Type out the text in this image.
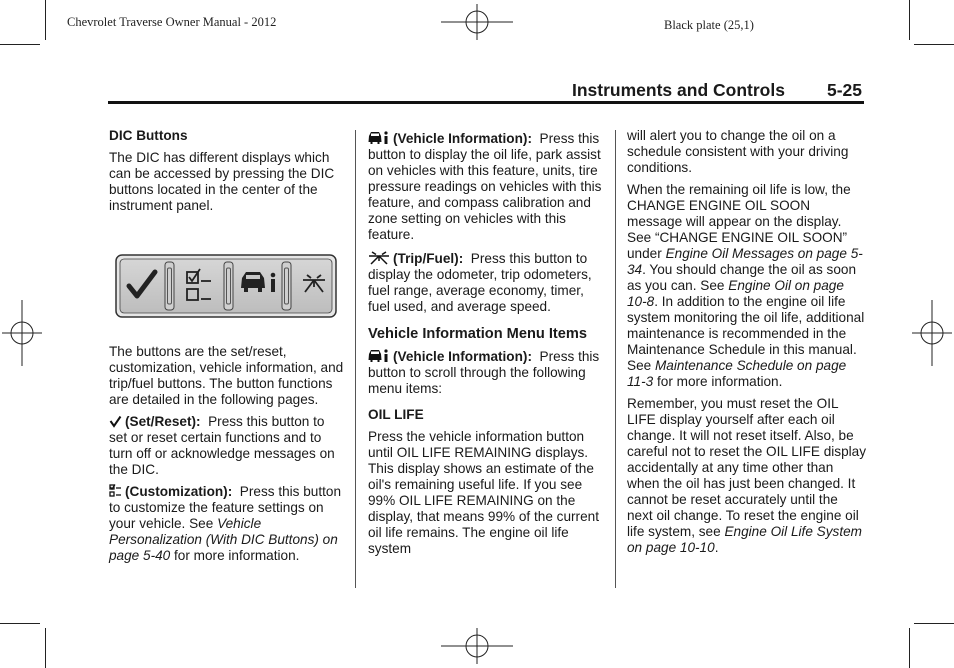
Chevrolet Traverse Owner Manual - 2012	Black plate (25,1)
Instruments and Controls 5-25
DIC Buttons

The DIC has different displays which can be accessed by pressing the DIC buttons located in the center of the instrument panel.

The buttons are the set/reset, customization, vehicle information, and trip/fuel buttons. The button functions are detailed in the following pages.

(Set/Reset): Press this button to set or reset certain functions and to turn off or acknowledge messages on the DIC.

(Customization): Press this button to customize the feature settings on your vehicle. See Vehicle Personalization (With DIC Buttons) on page 5-40 for more information.

(Vehicle Information): Press this button to display the oil life, park assist on vehicles with this feature, units, tire pressure readings on vehicles with this feature, and compass calibration and zone setting on vehicles with this feature.

(Trip/Fuel): Press this button to display the odometer, trip odometers, fuel range, average economy, timer, fuel used, and average speed.

Vehicle Information Menu Items

(Vehicle Information): Press this button to scroll through the following menu items:

OIL LIFE

Press the vehicle information button until OIL LIFE REMAINING displays. This display shows an estimate of the oil's remaining useful life. If you see 99% OIL LIFE REMAINING on the display, that means 99% of the current oil life remains. The engine oil life system

will alert you to change the oil on a schedule consistent with your driving conditions.

When the remaining oil life is low, the CHANGE ENGINE OIL SOON message will appear on the display. See “CHANGE ENGINE OIL SOON” under Engine Oil Messages on page 5-34. You should change the oil as soon as you can. See Engine Oil on page 10-8. In addition to the engine oil life system monitoring the oil life, additional maintenance is recommended in the Maintenance Schedule in this manual. See Maintenance Schedule on page 11-3 for more information.

Remember, you must reset the OIL LIFE display yourself after each oil change. It will not reset itself. Also, be careful not to reset the OIL LIFE display accidentally at any time other than when the oil has just been changed. It cannot be reset accurately until the next oil change. To reset the engine oil life system, see Engine Oil Life System on page 10-10.
